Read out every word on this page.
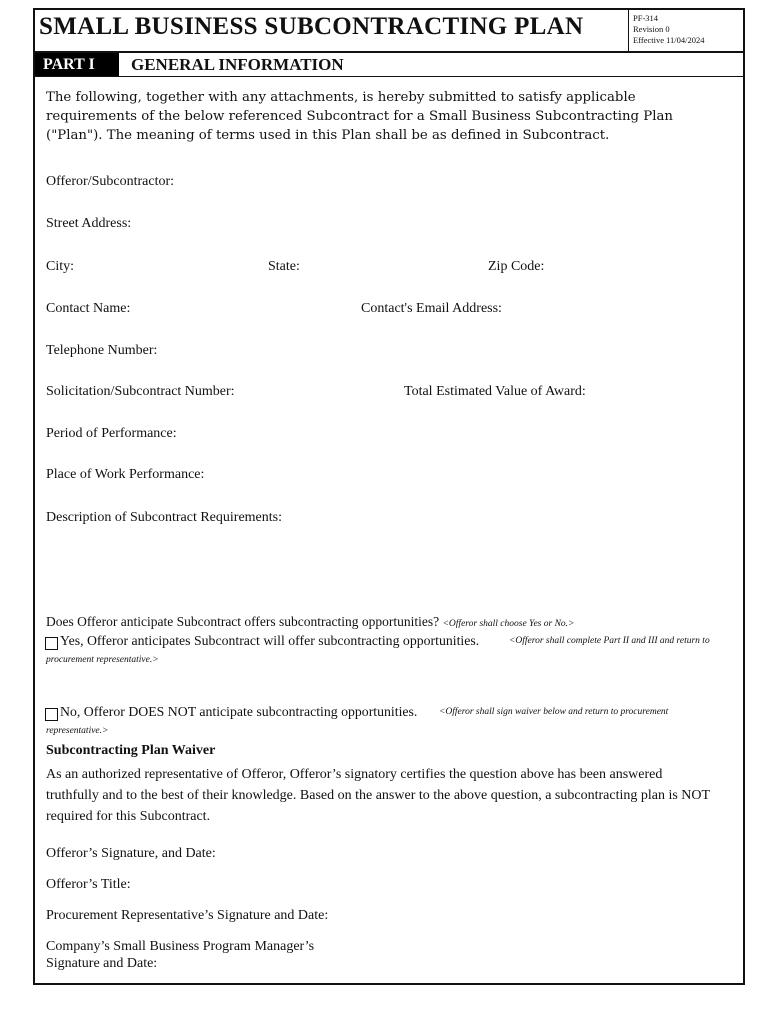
SMALL BUSINESS SUBCONTRACTING PLAN	PF-314
Revision 0
Effective 11/04/2024
PART I	GENERAL INFORMATION
The following, together with any attachments, is hereby submitted to satisfy applicable
requirements of the below referenced Subcontract for a Small Business Subcontracting Plan
("Plan"). The meaning of terms used in this Plan shall be as defined in Subcontract.
Offeror/Subcontractor:
Street Address:
City:	State:	Zip Code:
Contact Name:	Contact's Email Address:
Telephone Number:
Solicitation/Subcontract Number:	Total Estimated Value of Award:
Period of Performance:
Place of Work Performance:
Description of Subcontract Requirements:
Does Offeror anticipate Subcontract offers subcontracting opportunities? <Offeror shall choose Yes or No.>
Yes, Offeror anticipates Subcontract will offer subcontracting opportunities.	<Offeror shall complete Part II and III and return to
procurement representative.>
No, Offeror DOES NOT anticipate subcontracting opportunities. <Offeror shall sign waiver below and return to procurement
representative.>
Subcontracting Plan Waiver
As an authorized representative of Offeror, Offeror’s signatory certifies the question above has been answered
truthfully and to the best of their knowledge. Based on the answer to the above question, a subcontracting plan is NOT
required for this Subcontract.
Offeror’s Signature, and Date:
Offeror’s Title:
Procurement Representative’s Signature and Date:
Company’s Small Business Program Manager’s
Signature and Date:
